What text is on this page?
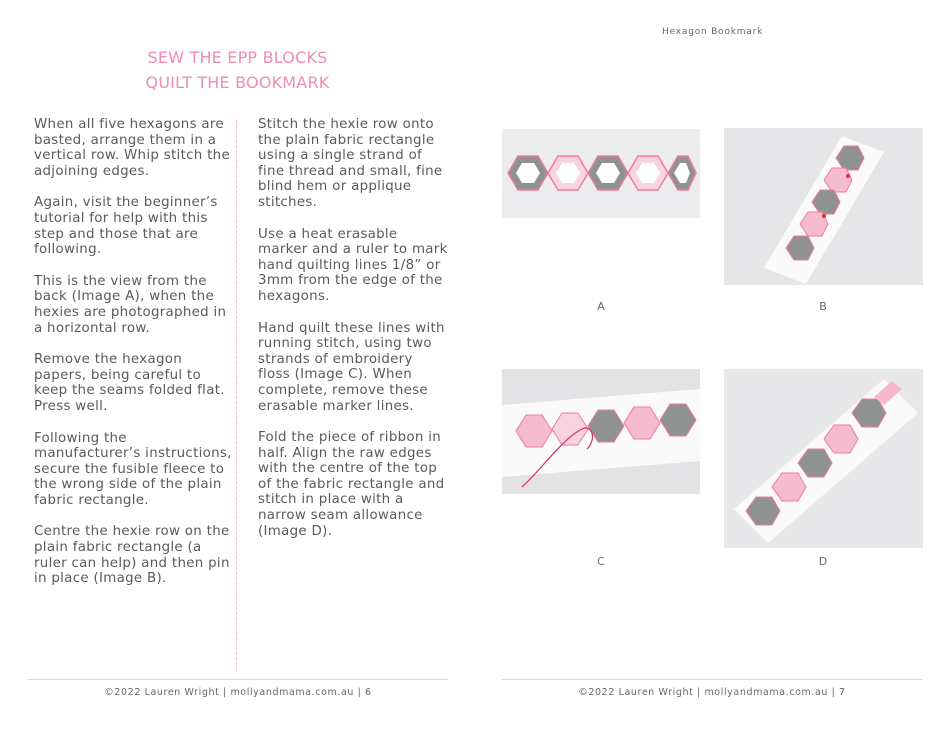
SEW THE EPP BLOCKS
QUILT THE BOOKMARK

When all five hexagons are basted, arrange them in a vertical row. Whip stitch the adjoining edges.

Again, visit the beginner’s tutorial for help with this step and those that are following.

This is the view from the back (Image A), when the hexies are photographed in a horizontal row.

Remove the hexagon papers, being careful to keep the seams folded flat. Press well.

Following the manufacturer’s instructions, secure the fusible fleece to the wrong side of the plain fabric rectangle.

Centre the hexie row on the plain fabric rectangle (a ruler can help) and then pin in place (Image B).

Stitch the hexie row onto the plain fabric rectangle using a single strand of fine thread and small, fine blind hem or applique stitches.

Use a heat erasable marker and a ruler to mark hand quilting lines 1/8” or 3mm from the edge of the hexagons.

Hand quilt these lines with running stitch, using two strands of embroidery floss (Image C). When complete, remove these erasable marker lines.

Fold the piece of ribbon in half. Align the raw edges with the centre of the top of the fabric rectangle and stitch in place with a narrow seam allowance (Image D).

Hexagon Bookmark
A	B
C	D
©2022 Lauren Wright | mollyandmama.com.au | 6	©2022 Lauren Wright | mollyandmama.com.au | 7
